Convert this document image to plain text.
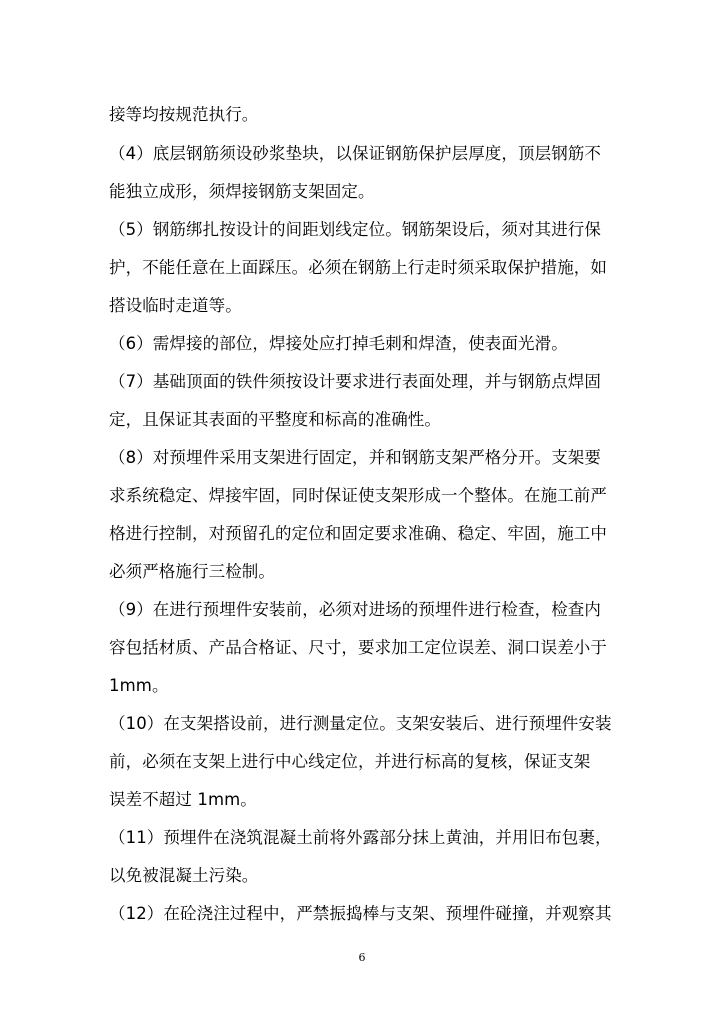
接等均按规范执行。
（4）底层钢筋须设砂浆垫块，以保证钢筋保护层厚度，顶层钢筋不
能独立成形，须焊接钢筋支架固定。
（5）钢筋绑扎按设计的间距划线定位。钢筋架设后，须对其进行保
护，不能任意在上面踩压。必须在钢筋上行走时须采取保护措施，如
搭设临时走道等。
（6）需焊接的部位，焊接处应打掉毛刺和焊渣，使表面光滑。
（7）基础顶面的铁件须按设计要求进行表面处理，并与钢筋点焊固
定，且保证其表面的平整度和标高的准确性。
（8）对预埋件采用支架进行固定，并和钢筋支架严格分开。支架要
求系统稳定、焊接牢固，同时保证使支架形成一个整体。在施工前严
格进行控制，对预留孔的定位和固定要求准确、稳定、牢固，施工中
必须严格施行三检制。
（9）在进行预埋件安装前，必须对进场的预埋件进行检查，检查内
容包括材质、产品合格证、尺寸，要求加工定位误差、洞口误差小于
1mm。
（10）在支架搭设前，进行测量定位。支架安装后、进行预埋件安装
前，必须在支架上进行中心线定位，并进行标高的复核，保证支架
误差不超过 1mm。
（11）预埋件在浇筑混凝土前将外露部分抹上黄油，并用旧布包裹，
以免被混凝土污染。
（12）在砼浇注过程中，严禁振捣棒与支架、预埋件碰撞，并观察其
6
